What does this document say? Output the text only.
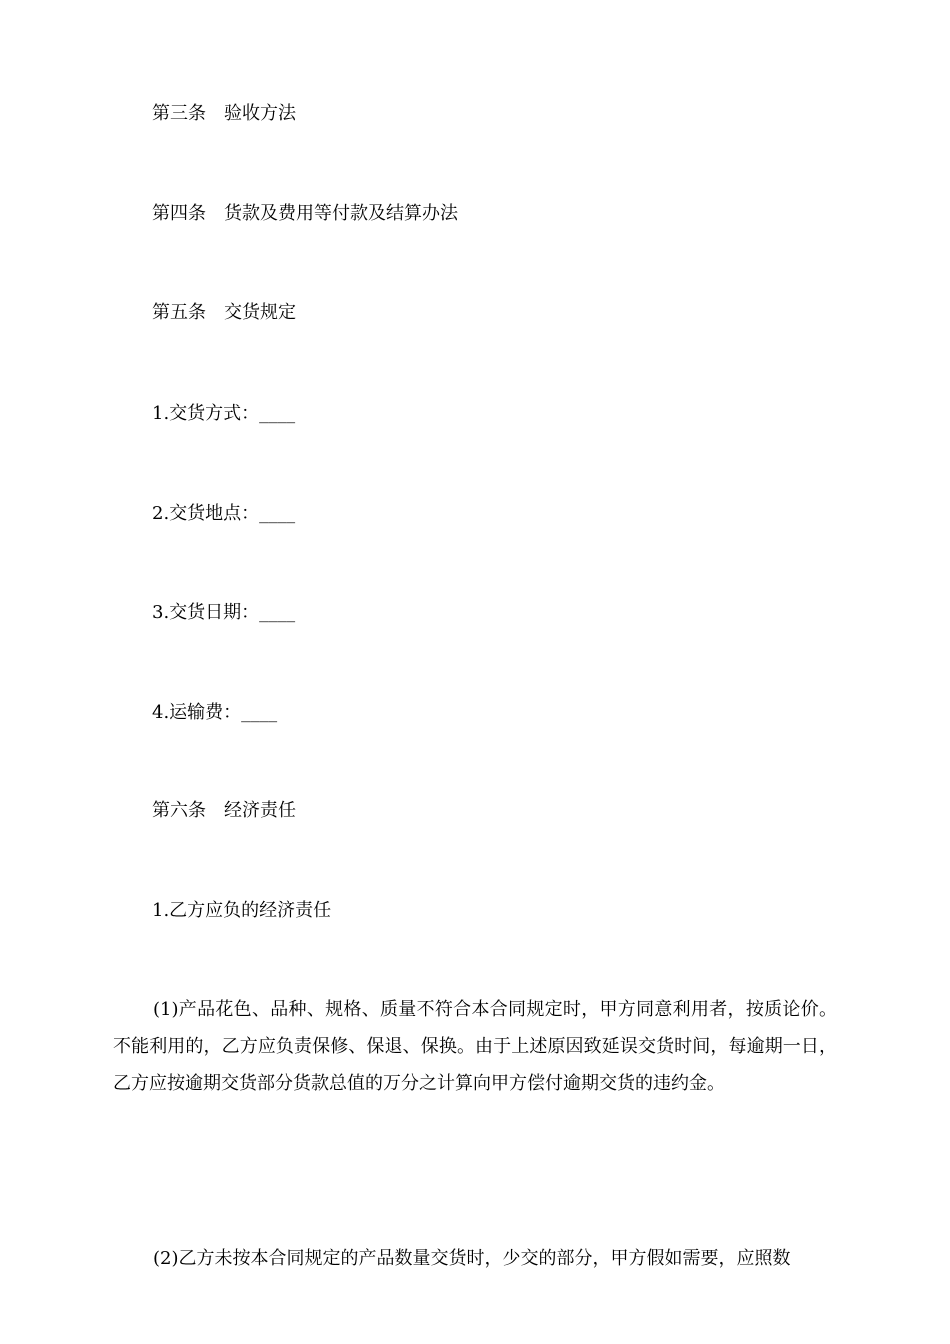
第三条　验收方法
第四条　货款及费用等付款及结算办法
第五条　交货规定
1.交货方式：____
2.交货地点：____
3.交货日期：____
4.运输费：____
第六条　经济责任
1.乙方应负的经济责任
(1)产品花色、品种、规格、质量不符合本合同规定时，甲方同意利用者，按质论价。不能利用的，乙方应负责保修、保退、保换。由于上述原因致延误交货时间，每逾期一日，乙方应按逾期交货部分货款总值的万分之计算向甲方偿付逾期交货的违约金。
(2)乙方未按本合同规定的产品数量交货时，少交的部分，甲方假如需要，应照数
